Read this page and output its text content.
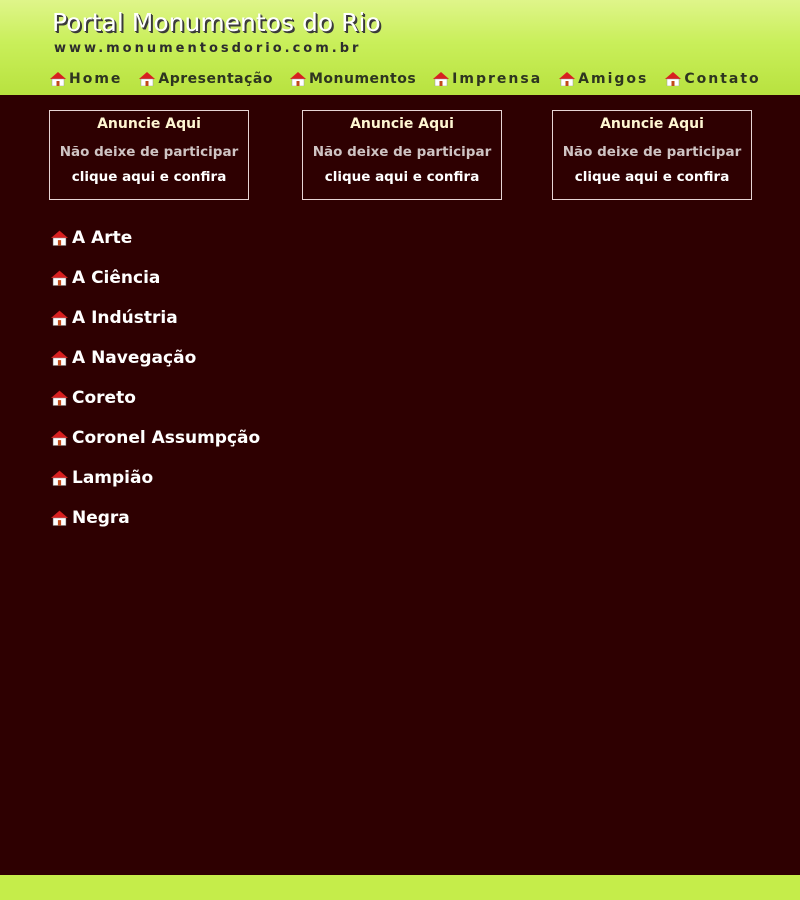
Portal Monumentos do Rio
www.monumentosdorio.com.br
Home	Apresentação	Monumentos	Imprensa	Amigos	Contato
Anuncie Aqui
Não deixe de participar
clique aqui e confira
Anuncie Aqui
Não deixe de participar
clique aqui e confira
Anuncie Aqui
Não deixe de participar
clique aqui e confira
A Arte
A Ciência
A Indústria
A Navegação
Coreto
Coronel Assumpção
Lampião
Negra
